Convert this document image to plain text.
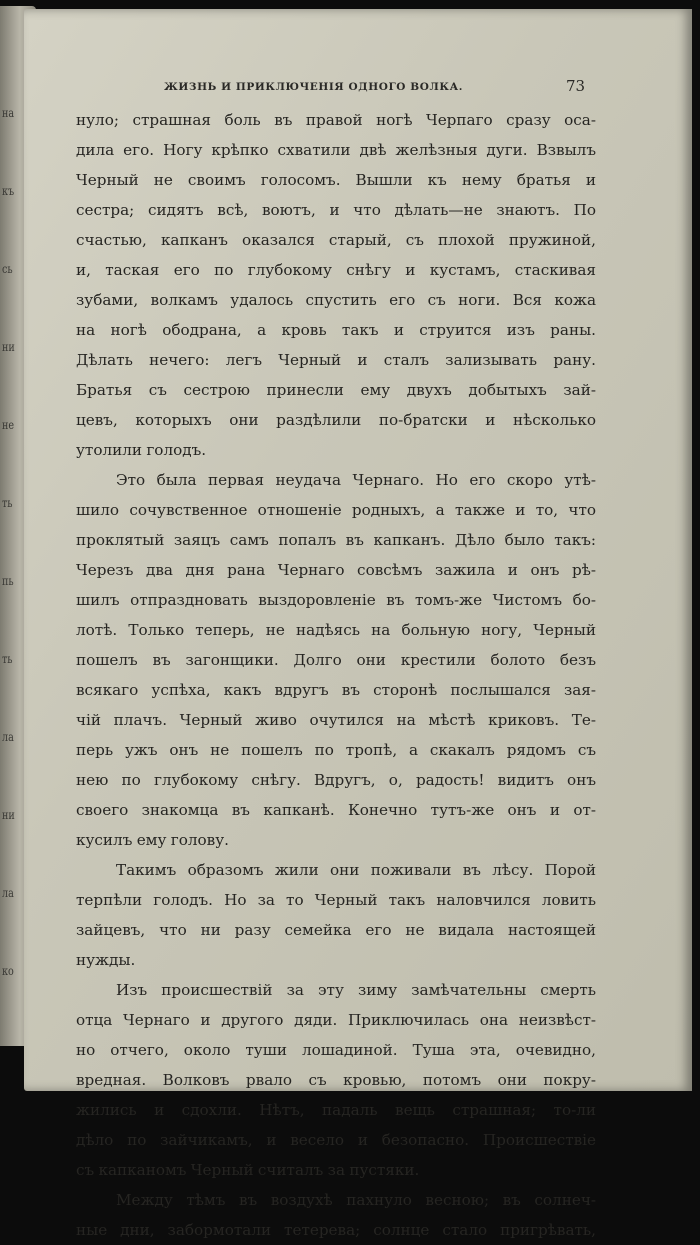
на
къ
сь
ни
не
ть
пь
ть
ла
ни
ла
ко
ЖИЗНЬ И ПРИКЛЮЧЕНІЯ ОДНОГО ВОЛКА.	73
нуло; страшная боль въ правой ногѣ Черпаго сразу оса-
дила его. Ногу крѣпко схватили двѣ желѣзныя дуги. Взвылъ
Черный не своимъ голосомъ. Вышли къ нему братья и
сестра; сидятъ всѣ, воютъ, и что дѣлать—не знаютъ. По
счастью, капканъ оказался старый, съ плохой пружиной,
и, таская его по глубокому снѣгу и кустамъ, стаскивая
зубами, волкамъ удалось спустить его съ ноги. Вся кожа
на ногѣ ободрана, а кровь такъ и струится изъ раны.
Дѣлать нечего: легъ Черный и сталъ зализывать рану.
Братья съ сестрою принесли ему двухъ добытыхъ зай-
цевъ, которыхъ они раздѣлили по-братски и нѣсколько
утолили голодъ.
Это была первая неудача Чернаго. Но его скоро утѣ-
шило сочувственное отношеніе родныхъ, а также и то, что
проклятый заяцъ самъ попалъ въ капканъ. Дѣло было такъ:
Черезъ два дня рана Чернаго совсѣмъ зажила и онъ рѣ-
шилъ отпраздновать выздоровленіе въ томъ-же Чистомъ бо-
лотѣ. Только теперь, не надѣясь на больную ногу, Черный
пошелъ въ загонщики. Долго они крестили болото безъ
всякаго успѣха, какъ вдругъ въ сторонѣ послышался зая-
чій плачъ. Черный живо очутился на мѣстѣ криковъ. Те-
перь ужъ онъ не пошелъ по тропѣ, а скакалъ рядомъ съ
нею по глубокому снѣгу. Вдругъ, о, радость! видитъ онъ
своего знакомца въ капканѣ. Конечно тутъ-же онъ и от-
кусилъ ему голову.
Такимъ образомъ жили они поживали въ лѣсу. Порой
терпѣли голодъ. Но за то Черный такъ наловчился ловить
зайцевъ, что ни разу семейка его не видала настоящей
нужды.
Изъ происшествій за эту зиму замѣчательны смерть
отца Чернаго и другого дяди. Приключилась она неизвѣст-
но отчего, около туши лошадиной. Туша эта, очевидно,
вредная. Волковъ рвало съ кровью, потомъ они покру-
жились и сдохли. Нѣтъ, падаль вещь страшная; то-ли
дѣло по зайчикамъ, и весело и безопасно. Происшествіе
съ капканомъ Черный считалъ за пустяки.
Между тѣмъ въ воздухѣ пахнуло весною; въ солнеч-
ные дни, забормотали тетерева; солнце стало пригрѣвать,
